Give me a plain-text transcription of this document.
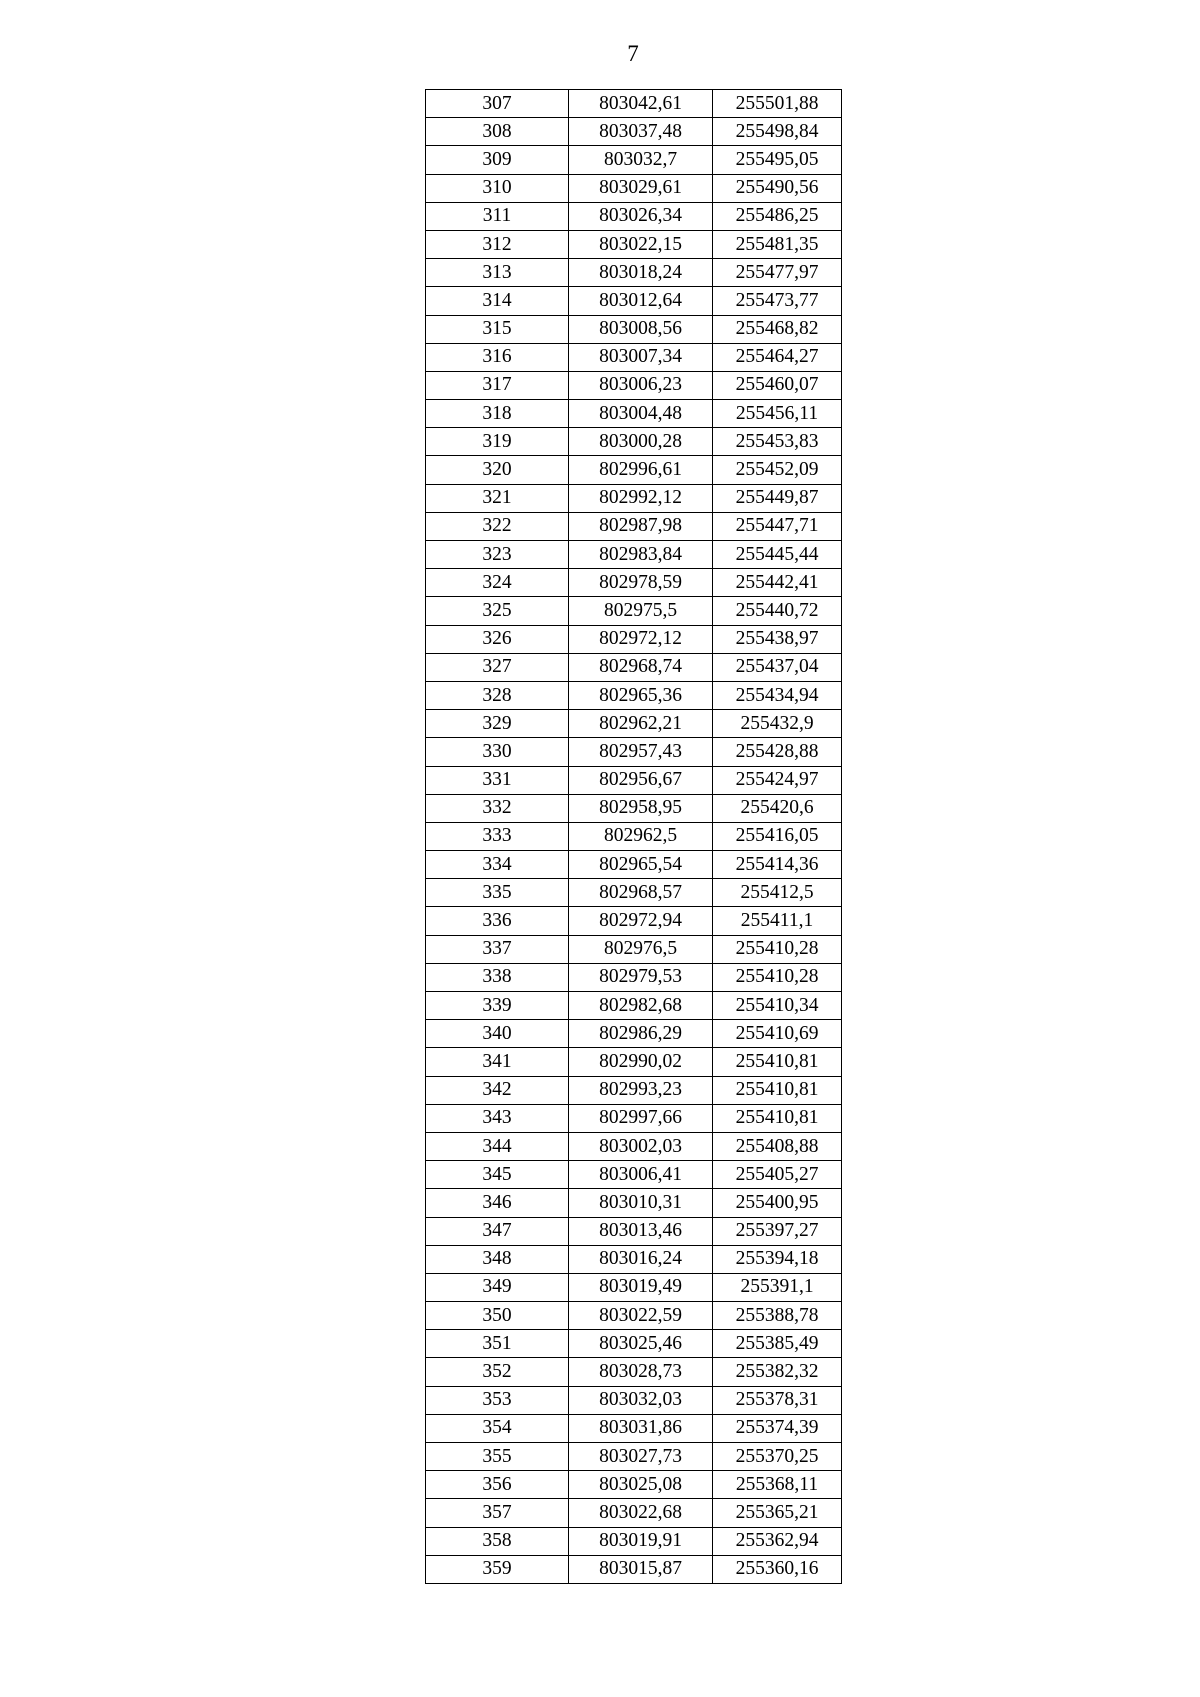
7
307	803042,61	255501,88
308	803037,48	255498,84
309	803032,7	255495,05
310	803029,61	255490,56
311	803026,34	255486,25
312	803022,15	255481,35
313	803018,24	255477,97
314	803012,64	255473,77
315	803008,56	255468,82
316	803007,34	255464,27
317	803006,23	255460,07
318	803004,48	255456,11
319	803000,28	255453,83
320	802996,61	255452,09
321	802992,12	255449,87
322	802987,98	255447,71
323	802983,84	255445,44
324	802978,59	255442,41
325	802975,5	255440,72
326	802972,12	255438,97
327	802968,74	255437,04
328	802965,36	255434,94
329	802962,21	255432,9
330	802957,43	255428,88
331	802956,67	255424,97
332	802958,95	255420,6
333	802962,5	255416,05
334	802965,54	255414,36
335	802968,57	255412,5
336	802972,94	255411,1
337	802976,5	255410,28
338	802979,53	255410,28
339	802982,68	255410,34
340	802986,29	255410,69
341	802990,02	255410,81
342	802993,23	255410,81
343	802997,66	255410,81
344	803002,03	255408,88
345	803006,41	255405,27
346	803010,31	255400,95
347	803013,46	255397,27
348	803016,24	255394,18
349	803019,49	255391,1
350	803022,59	255388,78
351	803025,46	255385,49
352	803028,73	255382,32
353	803032,03	255378,31
354	803031,86	255374,39
355	803027,73	255370,25
356	803025,08	255368,11
357	803022,68	255365,21
358	803019,91	255362,94
359	803015,87	255360,16
